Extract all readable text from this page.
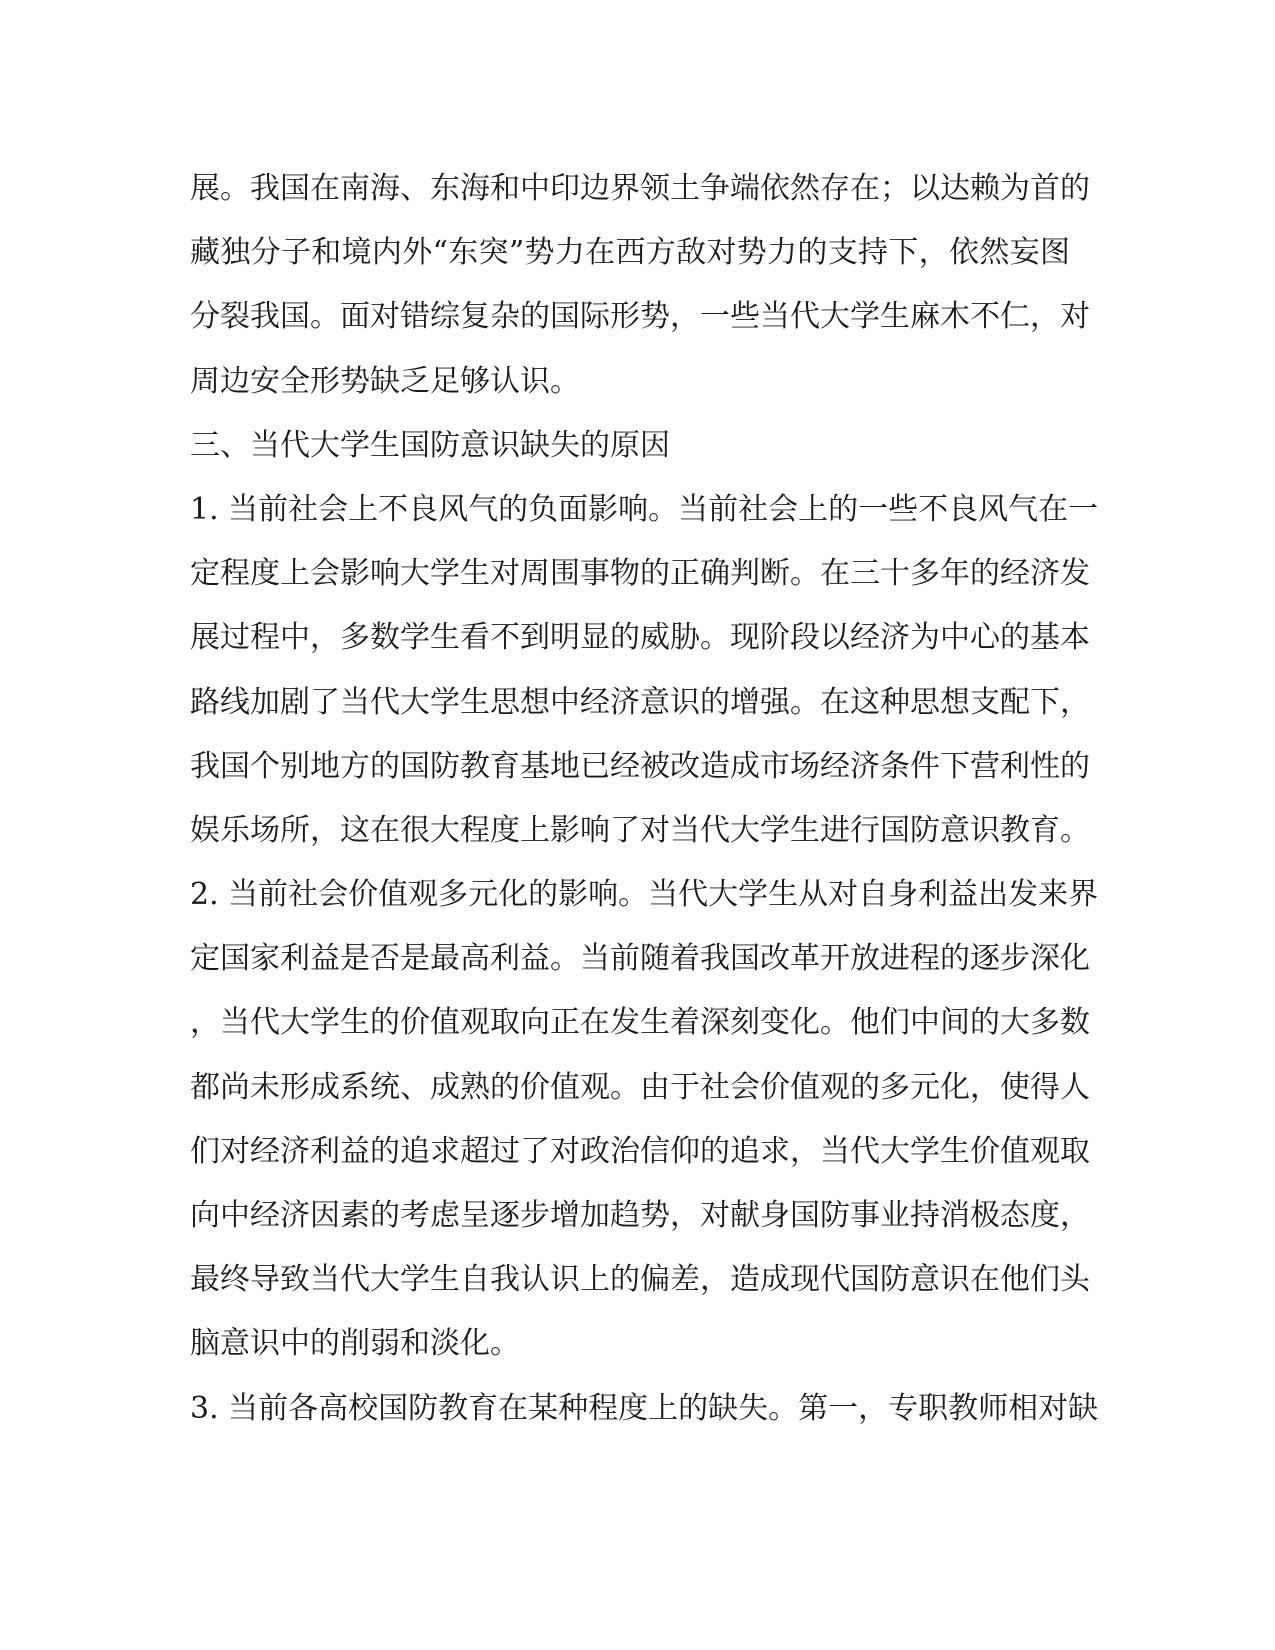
展。我国在南海、东海和中印边界领土争端依然存在；以达赖为首的
藏独分子和境内外“东突”势力在西方敌对势力的支持下，依然妄图
分裂我国。面对错综复杂的国际形势，一些当代大学生麻木不仁，对
周边安全形势缺乏足够认识。
三、当代大学生国防意识缺失的原因
1. 当前社会上不良风气的负面影响。当前社会上的一些不良风气在一
定程度上会影响大学生对周围事物的正确判断。在三十多年的经济发
展过程中，多数学生看不到明显的威胁。现阶段以经济为中心的基本
路线加剧了当代大学生思想中经济意识的增强。在这种思想支配下，
我国个别地方的国防教育基地已经被改造成市场经济条件下营利性的
娱乐场所，这在很大程度上影响了对当代大学生进行国防意识教育。
2. 当前社会价值观多元化的影响。当代大学生从对自身利益出发来界
定国家利益是否是最高利益。当前随着我国改革开放进程的逐步深化
，当代大学生的价值观取向正在发生着深刻变化。他们中间的大多数
都尚未形成系统、成熟的价值观。由于社会价值观的多元化，使得人
们对经济利益的追求超过了对政治信仰的追求，当代大学生价值观取
向中经济因素的考虑呈逐步增加趋势，对献身国防事业持消极态度，
最终导致当代大学生自我认识上的偏差，造成现代国防意识在他们头
脑意识中的削弱和淡化。
3. 当前各高校国防教育在某种程度上的缺失。第一，专职教师相对缺
